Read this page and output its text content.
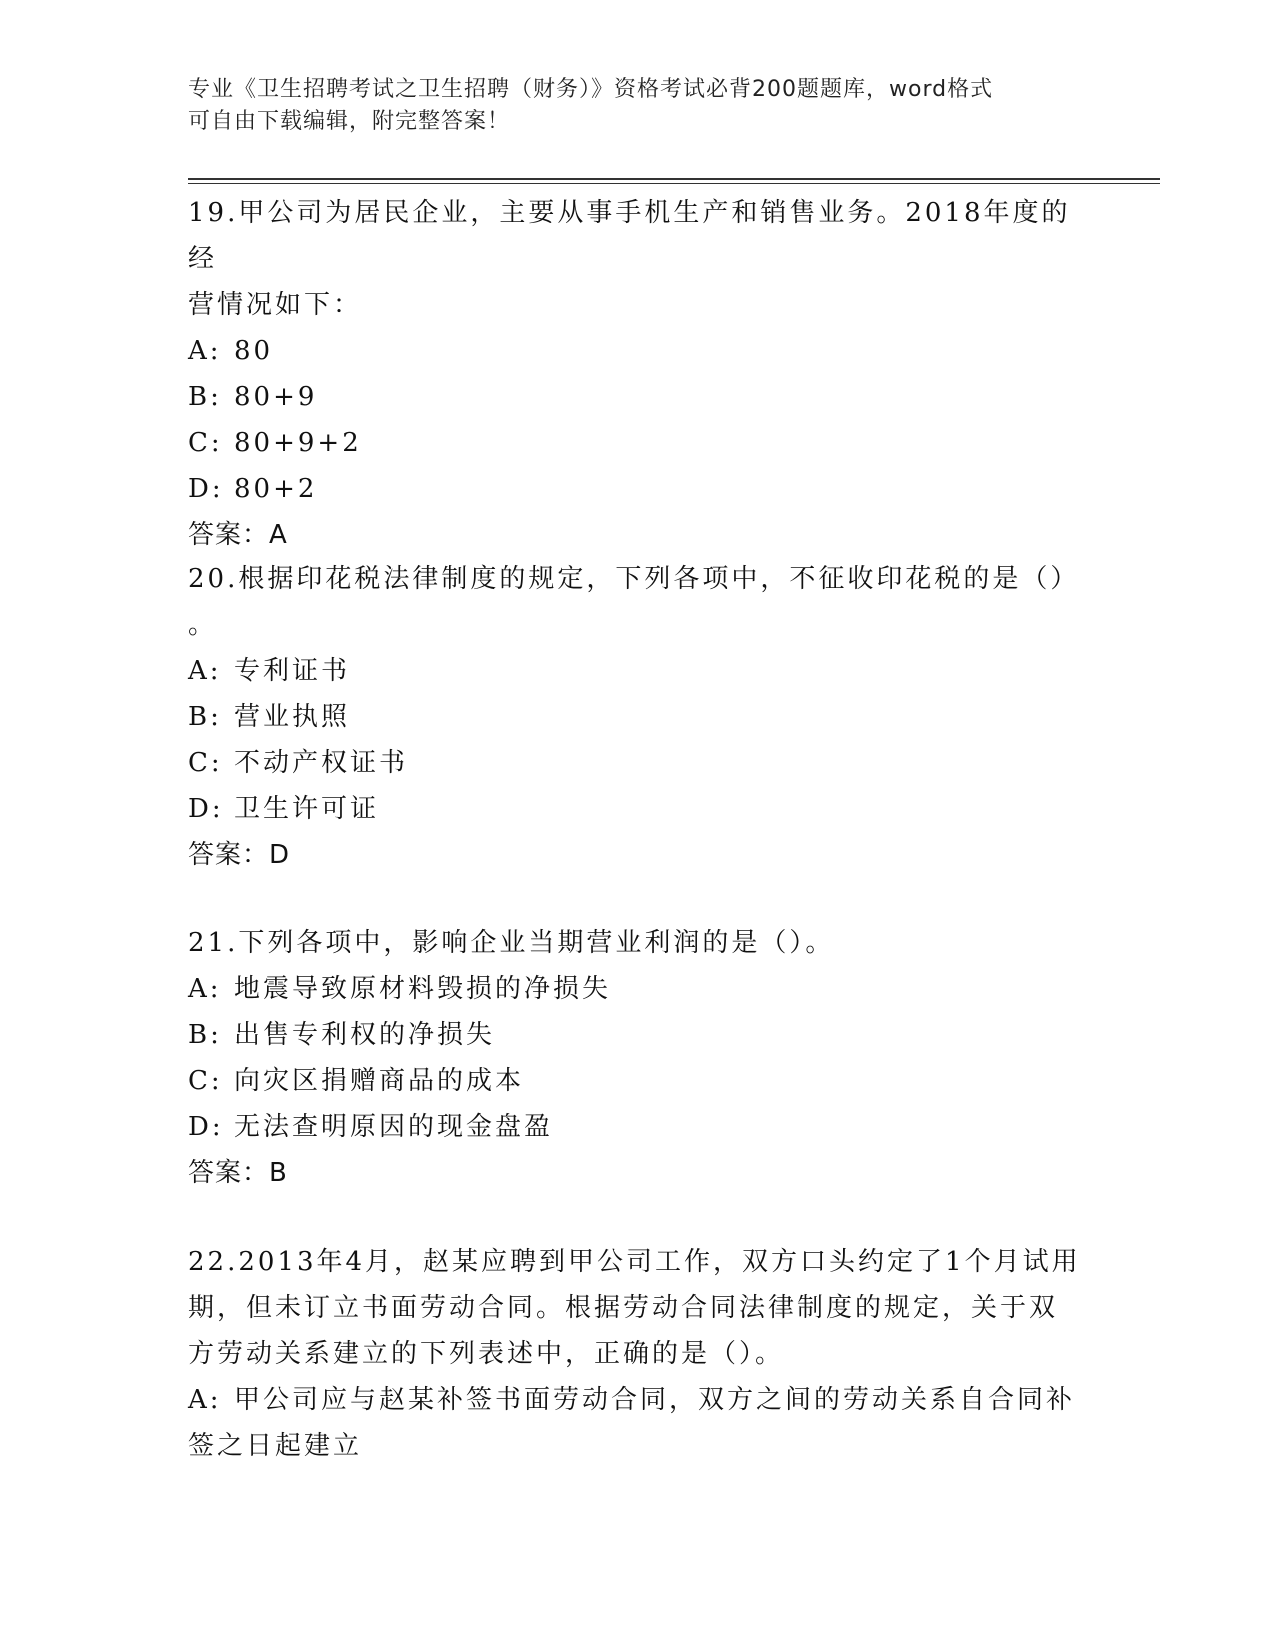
专业《卫生招聘考试之卫生招聘（财务）》资格考试必背200题题库，word格式
可自由下载编辑，附完整答案！
19.甲公司为居民企业，主要从事手机生产和销售业务。2018年度的经
营情况如下：
A: 80
B: 80+9
C: 80+9+2
D: 80+2
答案：A
20.根据印花税法律制度的规定，下列各项中，不征收印花税的是（）
。
A: 专利证书
B: 营业执照
C: 不动产权证书
D: 卫生许可证
答案：D
21.下列各项中，影响企业当期营业利润的是（）。
A: 地震导致原材料毁损的净损失
B: 出售专利权的净损失
C: 向灾区捐赠商品的成本
D: 无法查明原因的现金盘盈
答案：B
22.2013年4月，赵某应聘到甲公司工作，双方口头约定了1个月试用
期，但未订立书面劳动合同。根据劳动合同法律制度的规定，关于双
方劳动关系建立的下列表述中，正确的是（）。
A: 甲公司应与赵某补签书面劳动合同，双方之间的劳动关系自合同补
签之日起建立
